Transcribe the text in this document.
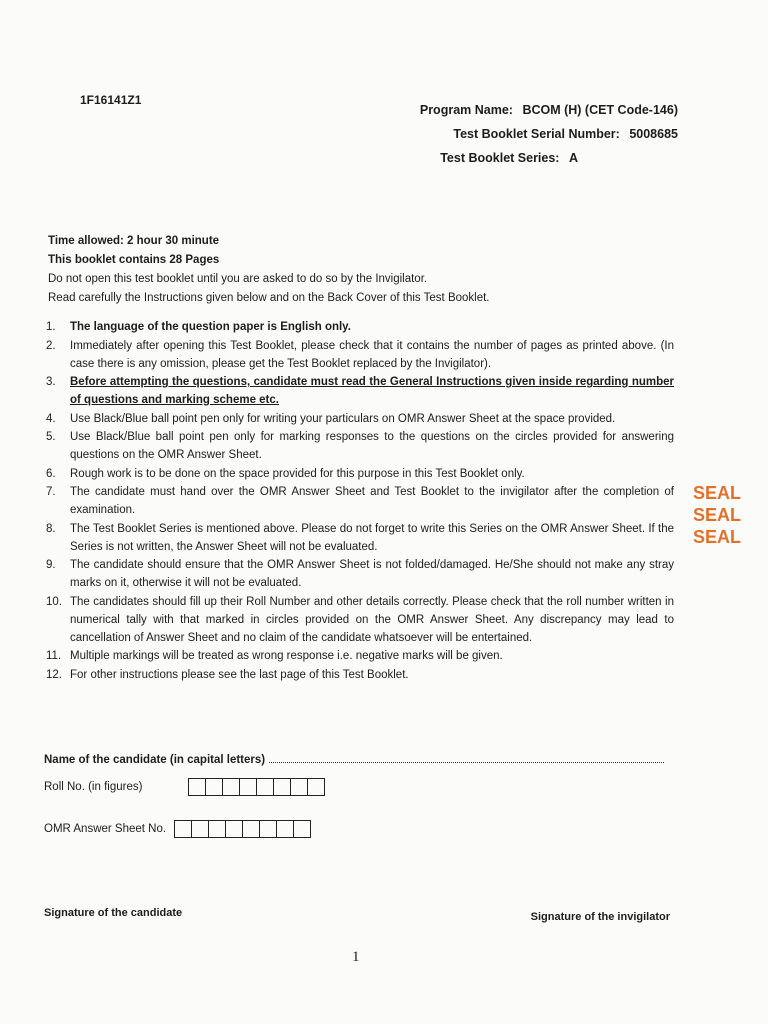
1F16141Z1
Program Name: BCOM (H) (CET Code-146)
Test Booklet Serial Number: 5008685
Test Booklet Series: A
Time allowed: 2 hour 30 minute
This booklet contains 28 Pages
Do not open this test booklet until you are asked to do so by the Invigilator.
Read carefully the Instructions given below and on the Back Cover of this Test Booklet.
1. The language of the question paper is English only.
2. Immediately after opening this Test Booklet, please check that it contains the number of pages as printed above. (In case there is any omission, please get the Test Booklet replaced by the Invigilator).
3. Before attempting the questions, candidate must read the General Instructions given inside regarding number of questions and marking scheme etc.
4. Use Black/Blue ball point pen only for writing your particulars on OMR Answer Sheet at the space provided.
5. Use Black/Blue ball point pen only for marking responses to the questions on the circles provided for answering questions on the OMR Answer Sheet.
6. Rough work is to be done on the space provided for this purpose in this Test Booklet only.
7. The candidate must hand over the OMR Answer Sheet and Test Booklet to the invigilator after the completion of examination.
8. The Test Booklet Series is mentioned above. Please do not forget to write this Series on the OMR Answer Sheet. If the Series is not written, the Answer Sheet will not be evaluated.
9. The candidate should ensure that the OMR Answer Sheet is not folded/damaged. He/She should not make any stray marks on it, otherwise it will not be evaluated.
10. The candidates should fill up their Roll Number and other details correctly. Please check that the roll number written in numerical tally with that marked in circles provided on the OMR Answer Sheet. Any discrepancy may lead to cancellation of Answer Sheet and no claim of the candidate whatsoever will be entertained.
11. Multiple markings will be treated as wrong response i.e. negative marks will be given.
12. For other instructions please see the last page of this Test Booklet.
SEAL
SEAL
SEAL
Name of the candidate (in capital letters)
Roll No. (in figures)
OMR Answer Sheet No.
Signature of the candidate	Signature of the invigilator
1
